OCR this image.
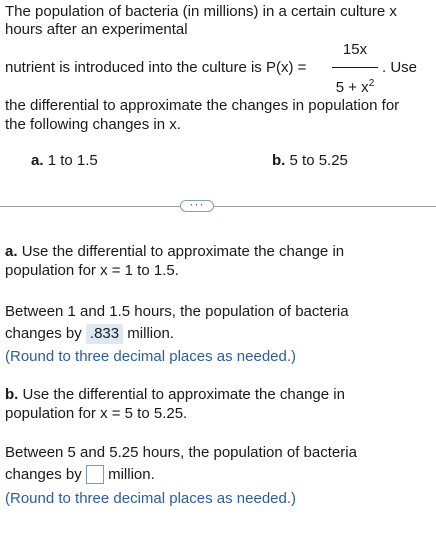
The population of bacteria (in millions) in a certain culture x
hours after an experimental
nutrient is introduced into the culture is P(x) =
15x
$5 + x^2$
. Use
the differential to approximate the changes in population for
the following changes in x.
a. 1 to 1.5	b. 5 to 5.25
···
a. Use the differential to approximate the change in
population for x = 1 to 1.5.
Between 1 and 1.5 hours, the population of bacteria
changes by .833 million.
(Round to three decimal places as needed.)
b. Use the differential to approximate the change in
population for x = 5 to 5.25.
Between 5 and 5.25 hours, the population of bacteria
changes by million.
(Round to three decimal places as needed.)
